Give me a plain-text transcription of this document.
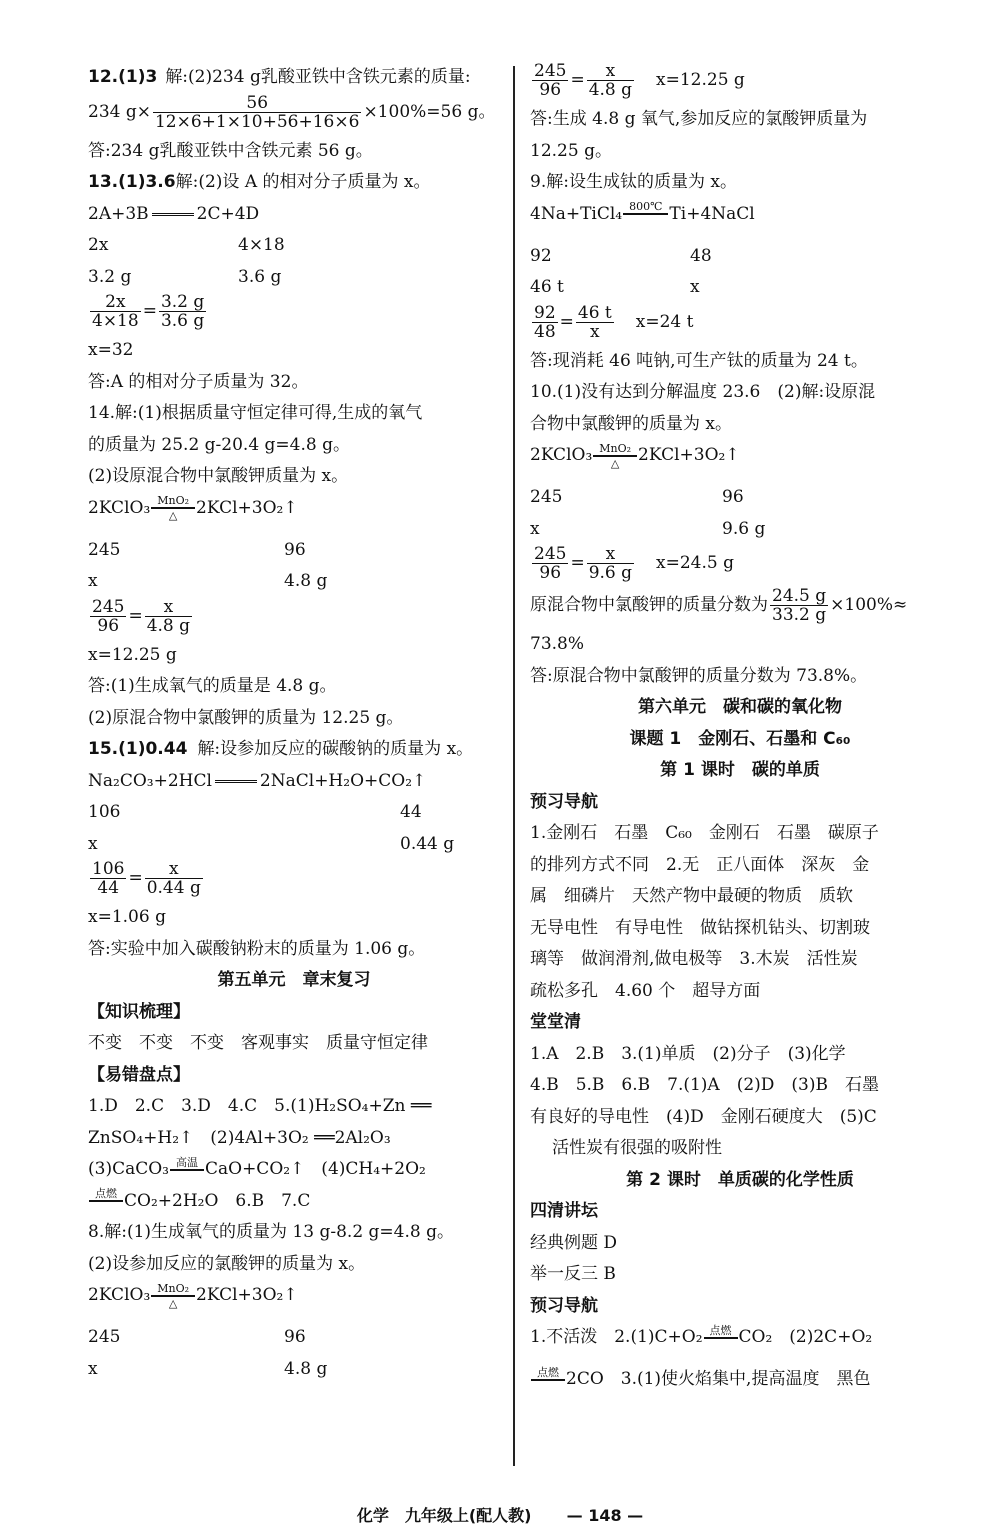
12.(1)3 解:(2)234 g乳酸亚铁中含铁元素的质量:
234 $g\times \frac{56}{12\times 6+1\times 10+56+16\times 6} \times 100\%=56$ g。
答:234 g乳酸亚铁中含铁元素 56 g。
13.(1)3.6解:(2)设 A 的相对分子质量为 x。
2A+3B	2C+4D
2x	4×18
3.2 g	3.6 g
$\frac{2x}{4\times 18} = \frac{3.2 g}{3.6 g}$
x=32
答:A 的相对分子质量为 32。
14.解:(1)根据质量守恒定律可得,生成的氧气
的质量为 25.2 g-20.4 g=4.8 g。
(2)设原混合物中氯酸钾质量为 x。
2KClO₃ MnO₂
△	2KCl+3O₂↑
245	96
x	4.8 g
$\frac{245}{96} = \frac{x}{4.8 g}$
x=12.25 g
答:(1)生成氧气的质量是 4.8 g。
(2)原混合物中氯酸钾的质量为 12.25 g。
15.(1)0.44 解:设参加反应的碳酸钠的质量为 x。
Na₂CO₃+2HCl	2NaCl+H₂O+CO₂↑
106	44
x	0.44 g
$\frac{106}{44} = \frac{x}{0.44 g}$
x=1.06 g
答:实验中加入碳酸钠粉末的质量为 1.06 g。
第五单元　章末复习
【知识梳理】
不变　不变　不变　客观事实　质量守恒定律
【易错盘点】
1.D　2.C　3.D　4.C　5.(1)H₂SO₄+Zn ══
ZnSO₄+H₂↑　(2)4Al+3O₂ ══2Al₂O₃
(3)CaCO₃ 高温
CaO+CO₂↑　(4)CH₄+2O₂
点燃
CO₂+2H₂O　6.B　7.C
8.解:(1)生成氧气的质量为 13 g-8.2 g=4.8 g。
(2)设参加反应的氯酸钾的质量为 x。
2KClO₃ MnO₂
△	2KCl+3O₂↑
245	96
x	4.8 g
$\frac{245}{96} = \frac{x}{4.8 g} x=12.25$ g
答:生成 4.8 g 氧气,参加反应的氯酸钾质量为
12.25 g。
9.解:设生成钛的质量为 x。
4Na+TiCl₄ 800℃
Ti+4NaCl
92	48
46 t	x
$\frac{92}{48} = \frac{46 t}{x} x=24$ t
答:现消耗 46 吨钠,可生产钛的质量为 24 t。
10.(1)没有达到分解温度 23.6　(2)解:设原混
合物中氯酸钾的质量为 x。
2KClO₃ MnO₂
△	2KCl+3O₂↑
245	96
x	9.6 g
$\frac{245}{96} = \frac{x}{9.6 g} x=24.5$ g
原混合物中氯酸钾的质量分数为 $\frac{24.5 g}{33.2 g} \times 100\%\approx$
73.8%
答:原混合物中氯酸钾的质量分数为 73.8%。
第六单元　碳和碳的氧化物
课题 1　金刚石、石墨和 C₆₀
第 1 课时　碳的单质
预习导航
1.金刚石　石墨　C₆₀　金刚石　石墨　碳原子
的排列方式不同　2.无　正八面体　深灰　金
属　细磷片　天然产物中最硬的物质　质软
无导电性　有导电性　做钻探机钻头、切割玻
璃等　做润滑剂,做电极等　3.木炭　活性炭
疏松多孔　4.60 个　超导方面
堂堂清
1.A　2.B　3.(1)单质　(2)分子　(3)化学
4.B　5.B　6.B　7.(1)A　(2)D　(3)B　石墨
有良好的导电性　(4)D　金刚石硬度大　(5)C
活性炭有很强的吸附性
第 2 课时　单质碳的化学性质
四清讲坛
经典例题 D
举一反三 B
预习导航
1.不活泼　2.(1)C+O₂ 点燃
CO₂　(2)2C+O₂
点燃
2CO　3.(1)使火焰集中,提高温度　黑色
化学　九年级上(配人教) — 148 —
